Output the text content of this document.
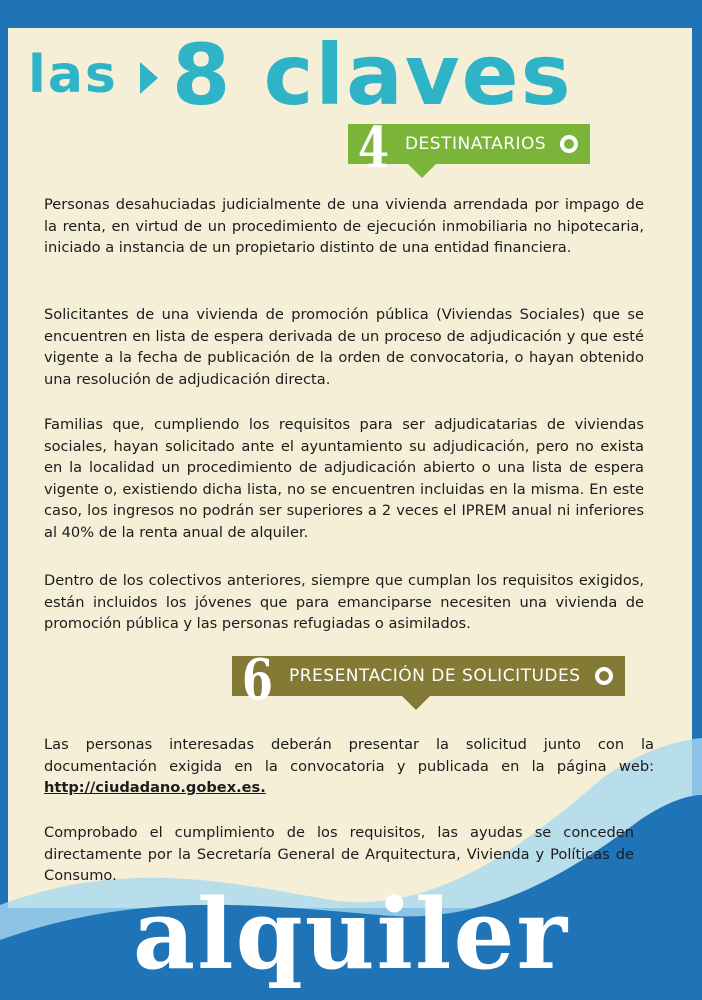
las 8 claves
4 DESTINATARIOS

Personas desahuciadas judicialmente de una vivienda arrendada por impago de la renta, en virtud de un procedimiento de ejecución inmobiliaria no hipotecaria, iniciado a instancia de un propietario distinto de una entidad financiera.

Solicitantes de una vivienda de promoción pública (Viviendas Sociales) que se encuentren en lista de espera derivada de un proceso de adjudicación y que esté vigente a la fecha de publicación de la orden de convocatoria, o hayan obtenido una resolución de adjudicación directa.

Familias que, cumpliendo los requisitos para ser adjudicatarias de viviendas sociales, hayan solicitado ante el ayuntamiento su adjudicación, pero no exista en la localidad un procedimiento de adjudicación abierto o una lista de espera vigente o, existiendo dicha lista, no se encuentren incluidas en la misma. En este caso, los ingresos no podrán ser superiores a 2 veces el IPREM anual ni inferiores al 40% de la renta anual de alquiler.

Dentro de los colectivos anteriores, siempre que cumplan los requisitos exigidos, están incluidos los jóvenes que para emanciparse necesiten una vivienda de promoción pública y las personas refugiadas o asimilados.

6 PRESENTACIÓN DE SOLICITUDES

Las personas interesadas deberán presentar la solicitud junto con la documentación exigida en la convocatoria y publicada en la página web: http://ciudadano.gobex.es.

Comprobado el cumplimiento de los requisitos, las ayudas se conceden directamente por la Secretaría General de Arquitectura, Vivienda y Políticas de Consumo.

alquiler
